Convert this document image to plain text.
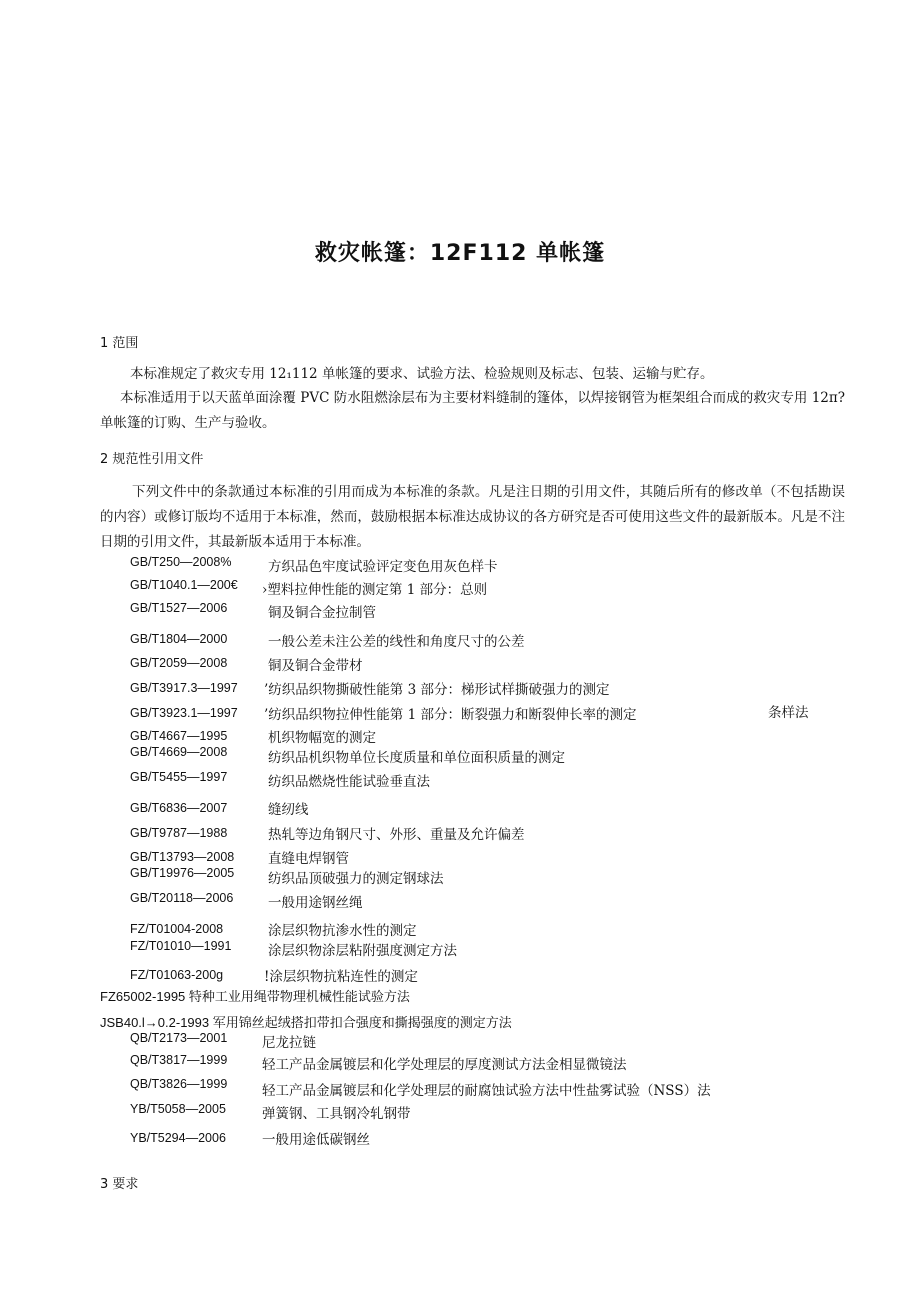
救灾帐篷：12F112 单帐篷
1 范围
本标准规定了救灾专用 12₁112 单帐篷的要求、试验方法、检验规则及标志、包装、运输与贮存。
本标准适用于以天蓝单面涂覆 PVC 防水阻燃涂层布为主要材料缝制的篷体，以焊接钢管为框架组合而成的救灾专用 12π?单帐篷的订购、生产与验收。
2 规范性引用文件
下列文件中的条款通过本标准的引用而成为本标准的条款。凡是注日期的引用文件，其随后所有的修改单（不包括勘误的内容）或修订版均不适用于本标准，然而，鼓励根据本标准达成协议的各方研究是否可使用这些文件的最新版本。凡是不注日期的引用文件，其最新版本适用于本标准。
GB/T250—2008%	方织品色牢度试验评定变色用灰色样卡
GB/T1040.1—200€ ›塑料拉伸性能的测定第 1 部分：总则
GB/T1527—2006	铜及铜合金拉制管
GB/T1804—2000	一般公差未注公差的线性和角度尺寸的公差
GB/T2059—2008	铜及铜合金带材
GB/T3917.3—1997 ’纺织品织物撕破性能第 3 部分：梯形试样撕破强力的测定
GB/T3923.1—1997 ’纺织品织物拉伸性能第 1 部分：断裂强力和断裂伸长率的测定	条样法
GB/T4667—1995	机织物幅宽的测定
GB/T4669—2008	纺织品机织物单位长度质量和单位面积质量的测定
GB/T5455—1997	纺织品燃烧性能试验垂直法
GB/T6836—2007	缝纫线
GB/T9787—1988	热轧等边角钢尺寸、外形、重量及允许偏差
GB/T13793—2008	直缝电焊钢管
GB/T19976—2005	纺织品顶破强力的测定钢球法
GB/T20118—2006	一般用途钢丝绳
FZ/T01004-2008	涂层织物抗渗水性的测定
FZ/T01010—1991	涂层织物涂层粘附强度测定方法
FZ/T01063-200g	!涂层织物抗粘连性的测定
FZ65002-1995 特种工业用绳带物理机械性能试验方法
JSB40.l→0.2-1993 军用锦丝起绒搭扣带扣合强度和撕揭强度的测定方法
QB/T2173—2001	尼龙拉链
QB/T3817—1999	轻工产品金属镀层和化学处理层的厚度测试方法金相显微镜法
QB/T3826—1999	轻工产品金属镀层和化学处理层的耐腐蚀试验方法中性盐雾试验（NSS）法
YB/T5058—2005	弹簧钢、工具钢冷轧钢带
YB/T5294—2006	一般用途低碳钢丝
3 要求
